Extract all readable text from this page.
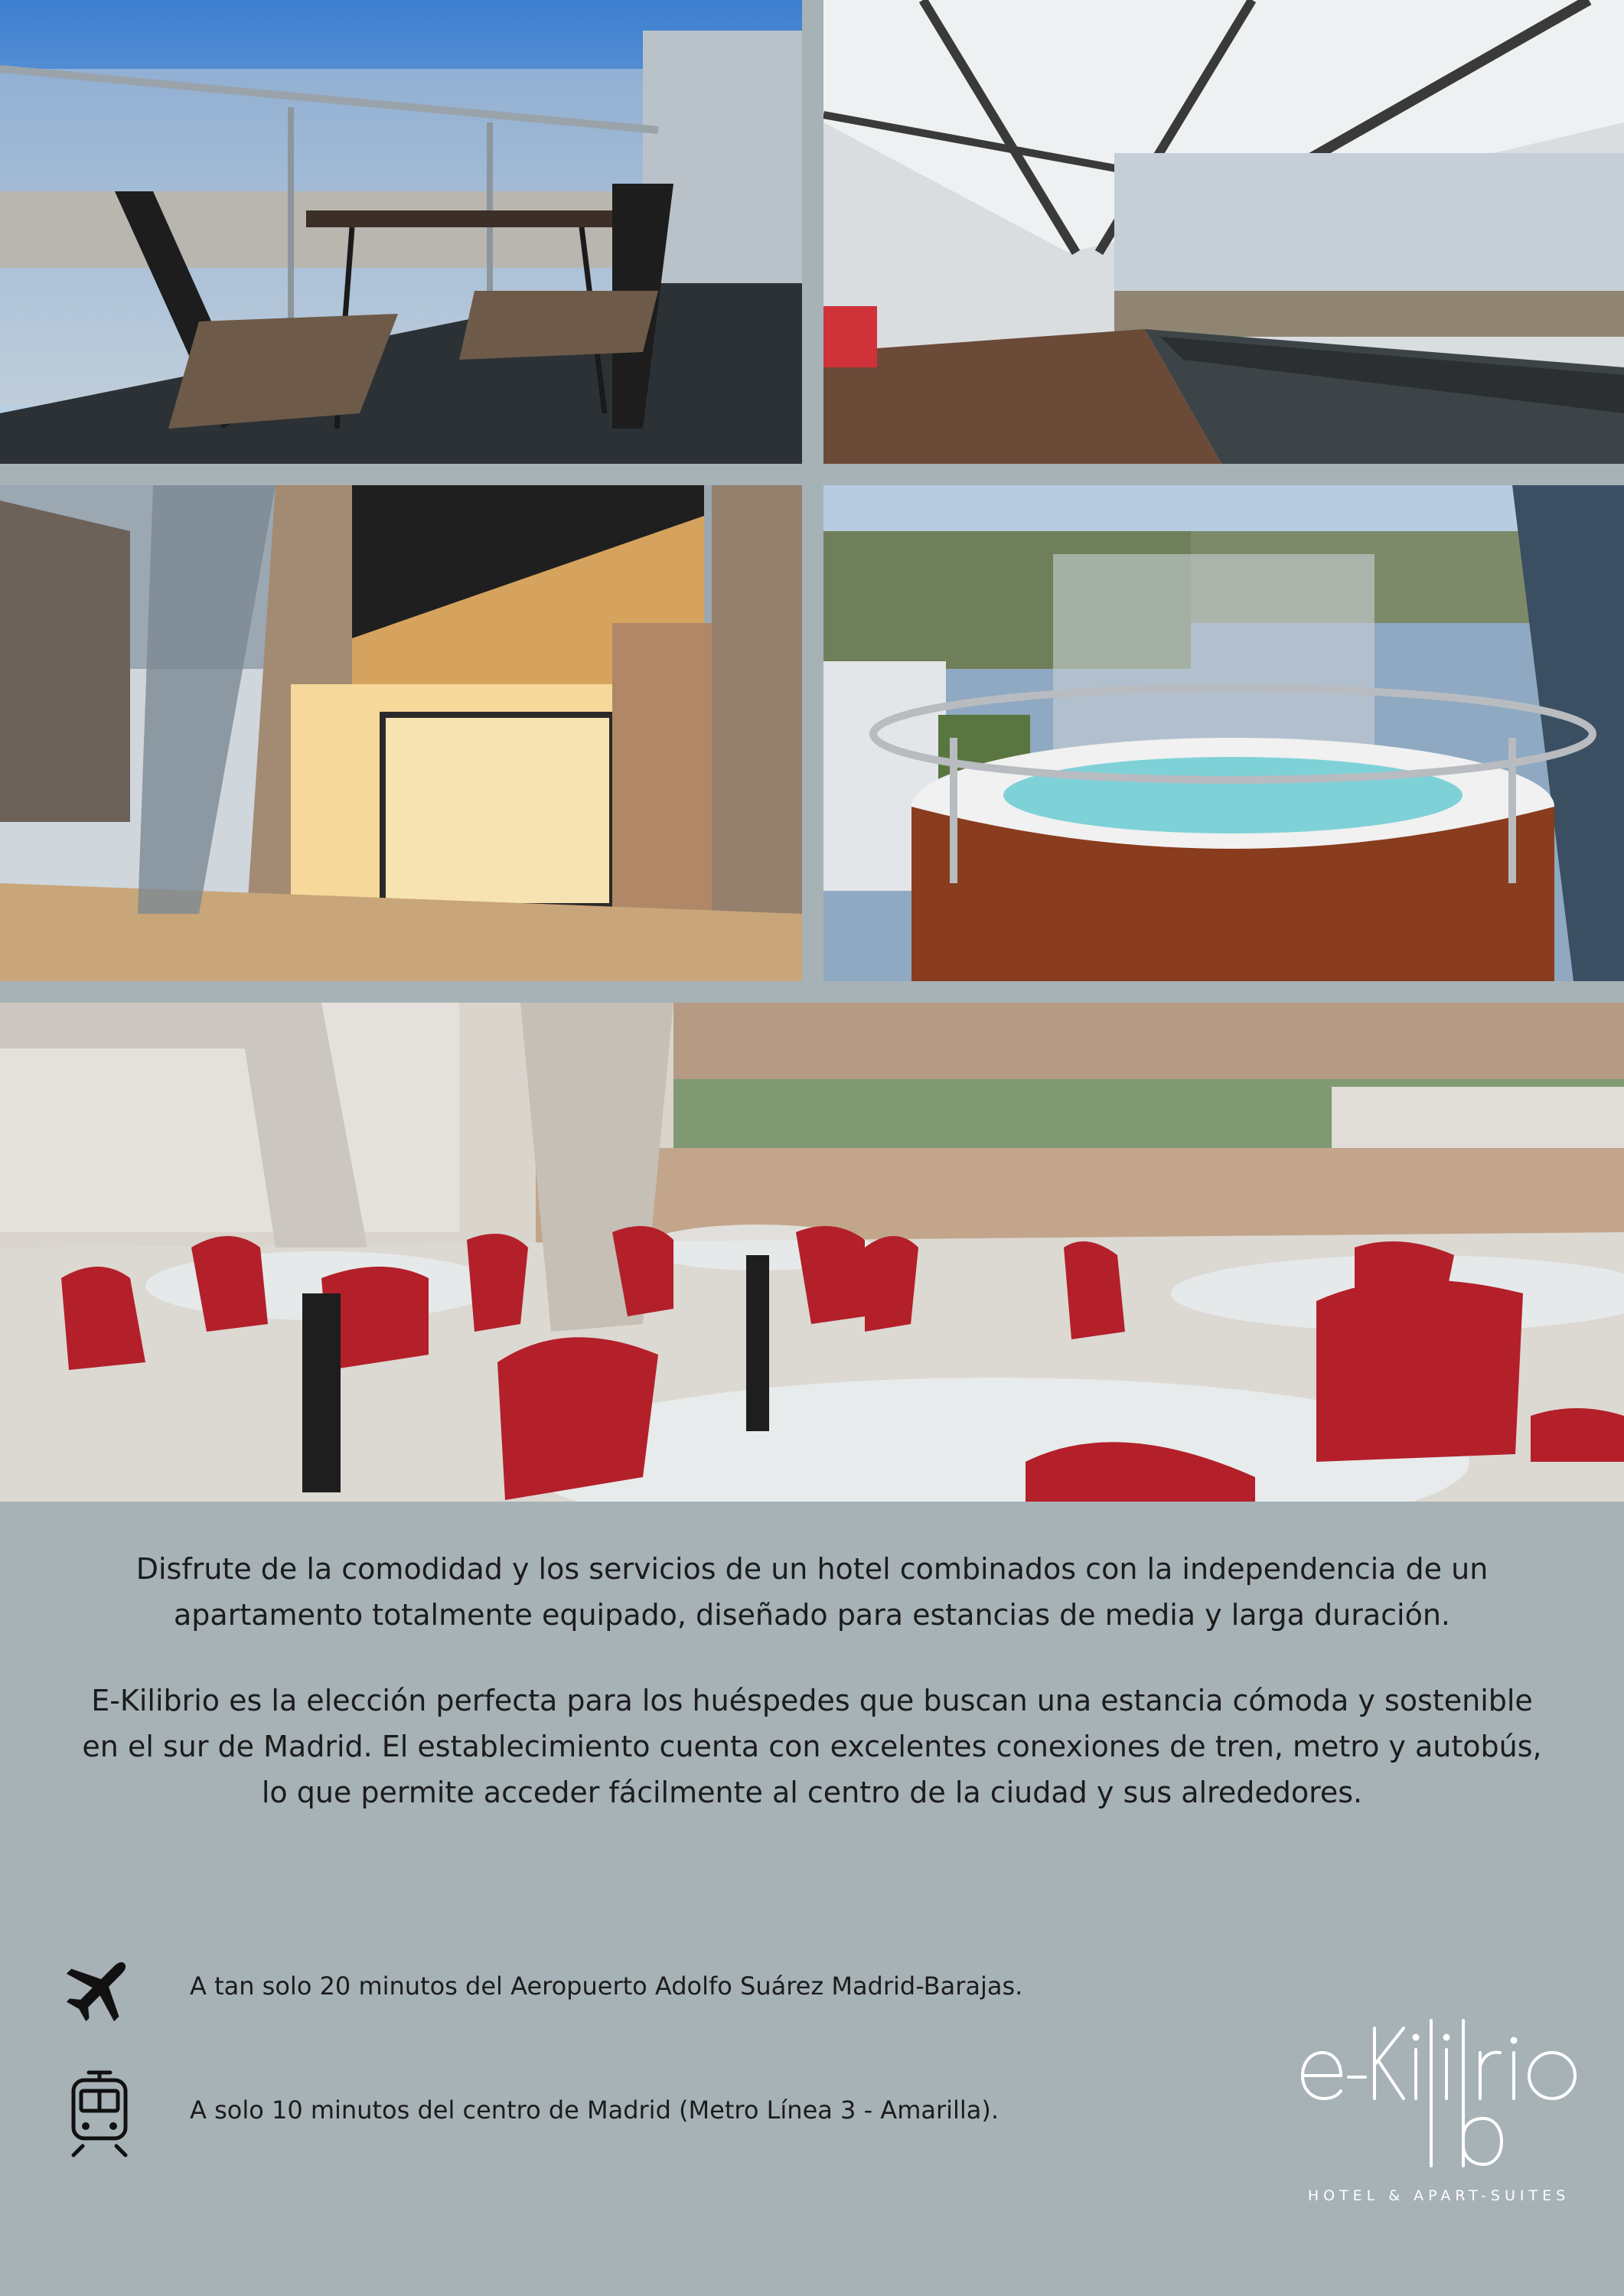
Disfrute de la comodidad y los servicios de un hotel combinados con la independencia de un apartamento totalmente equipado, diseñado para estancias de media y larga duración.

E-Kilibrio es la elección perfecta para los huéspedes que buscan una estancia cómoda y sostenible en el sur de Madrid. El establecimiento cuenta con excelentes conexiones de tren, metro y autobús, lo que permite acceder fácilmente al centro de la ciudad y sus alrededores.

A tan solo 20 minutos del Aeropuerto Adolfo Suárez Madrid-Barajas.
A solo 10 minutos del centro de Madrid (Metro Línea 3 - Amarilla).
HOTEL & APART-SUITES
